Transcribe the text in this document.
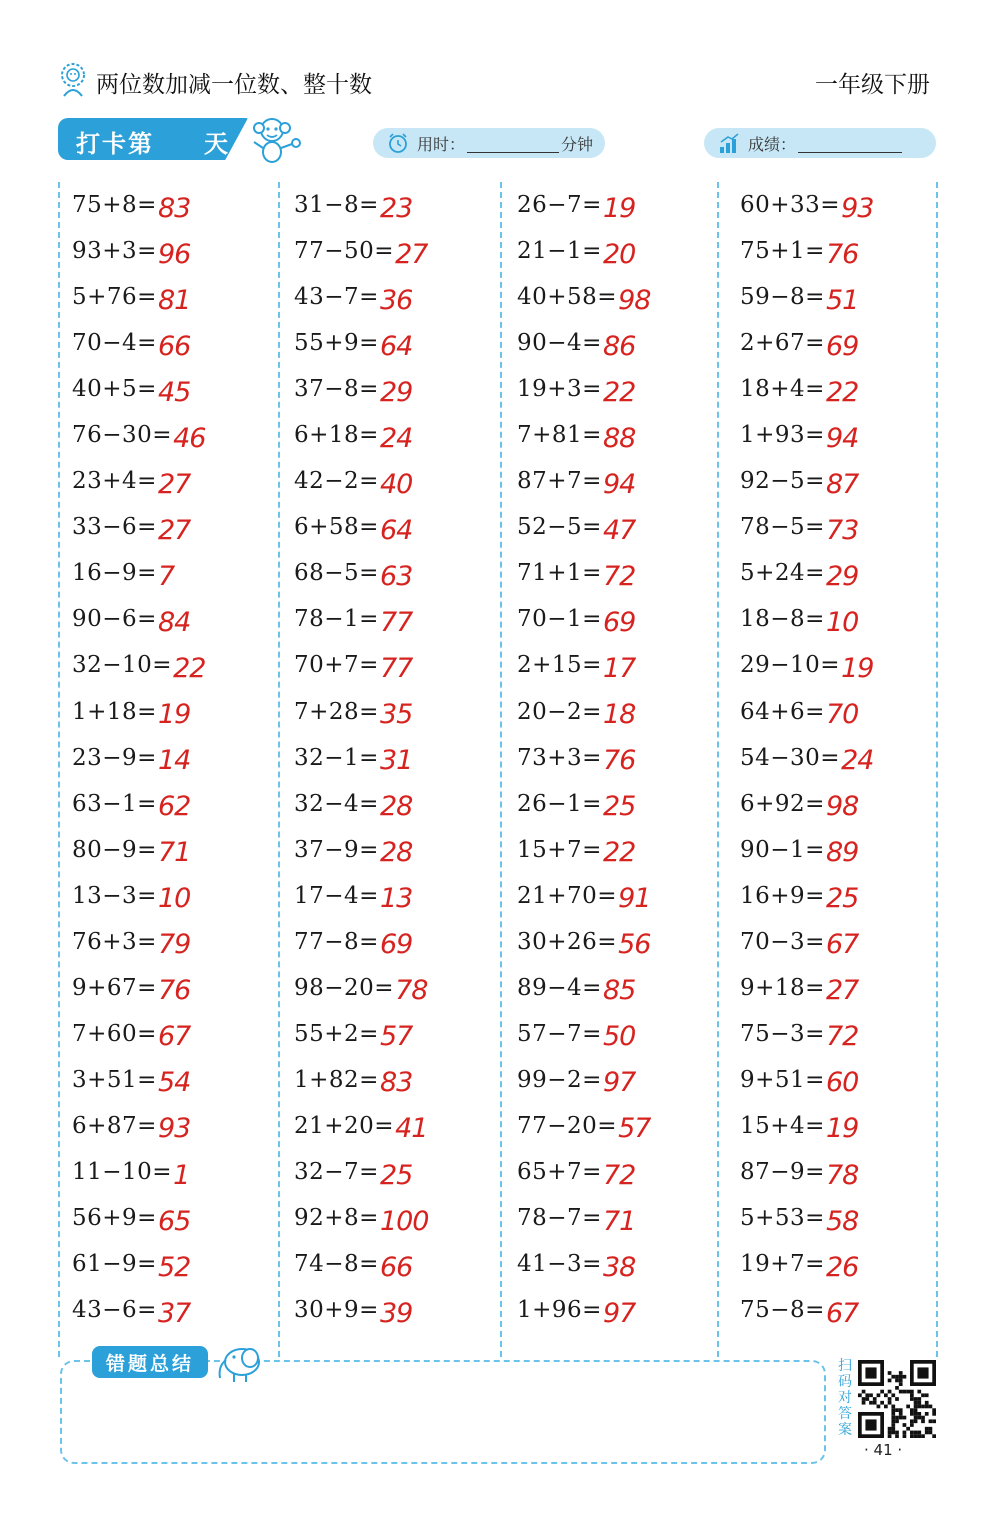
两位数加减一位数、整十数	一年级下册
打卡第 天	用时：	分钟	成绩：
75+8= 83
93+3= 96
5+76= 81
70−4= 66
40+5= 45
76−30= 46
23+4= 27
33−6= 27
16−9= 7
90−6= 84
32−10= 22
1+18= 19
23−9= 14
63−1= 62
80−9= 71
13−3= 10
76+3= 79
9+67= 76
7+60= 67
3+51= 54
6+87= 93
11−10= 1
56+9= 65
61−9= 52
43−6= 37
31−8= 23
77−50= 27
43−7= 36
55+9= 64
37−8= 29
6+18= 24
42−2= 40
6+58= 64
68−5= 63
78−1= 77
70+7= 77
7+28= 35
32−1= 31
32−4= 28
37−9= 28
17−4= 13
77−8= 69
98−20= 78
55+2= 57
1+82= 83
21+20= 41
32−7= 25
92+8= 100
74−8= 66
30+9= 39
26−7= 19
21−1= 20
40+58= 98
90−4= 86
19+3= 22
7+81= 88
87+7= 94
52−5= 47
71+1= 72
70−1= 69
2+15= 17
20−2= 18
73+3= 76
26−1= 25
15+7= 22
21+70= 91
30+26= 56
89−4= 85
57−7= 50
99−2= 97
77−20= 57
65+7= 72
78−7= 71
41−3= 38
1+96= 97
60+33= 93
75+1= 76
59−8= 51
2+67= 69
18+4= 22
1+93= 94
92−5= 87
78−5= 73
5+24= 29
18−8= 10
29−10= 19
64+6= 70
54−30= 24
6+92= 98
90−1= 89
16+9= 25
70−3= 67
9+18= 27
75−3= 72
9+51= 60
15+4= 19
87−9= 78
5+53= 58
19+7= 26
75−8= 67
错题总结	扫码对答案
· 41 ·
